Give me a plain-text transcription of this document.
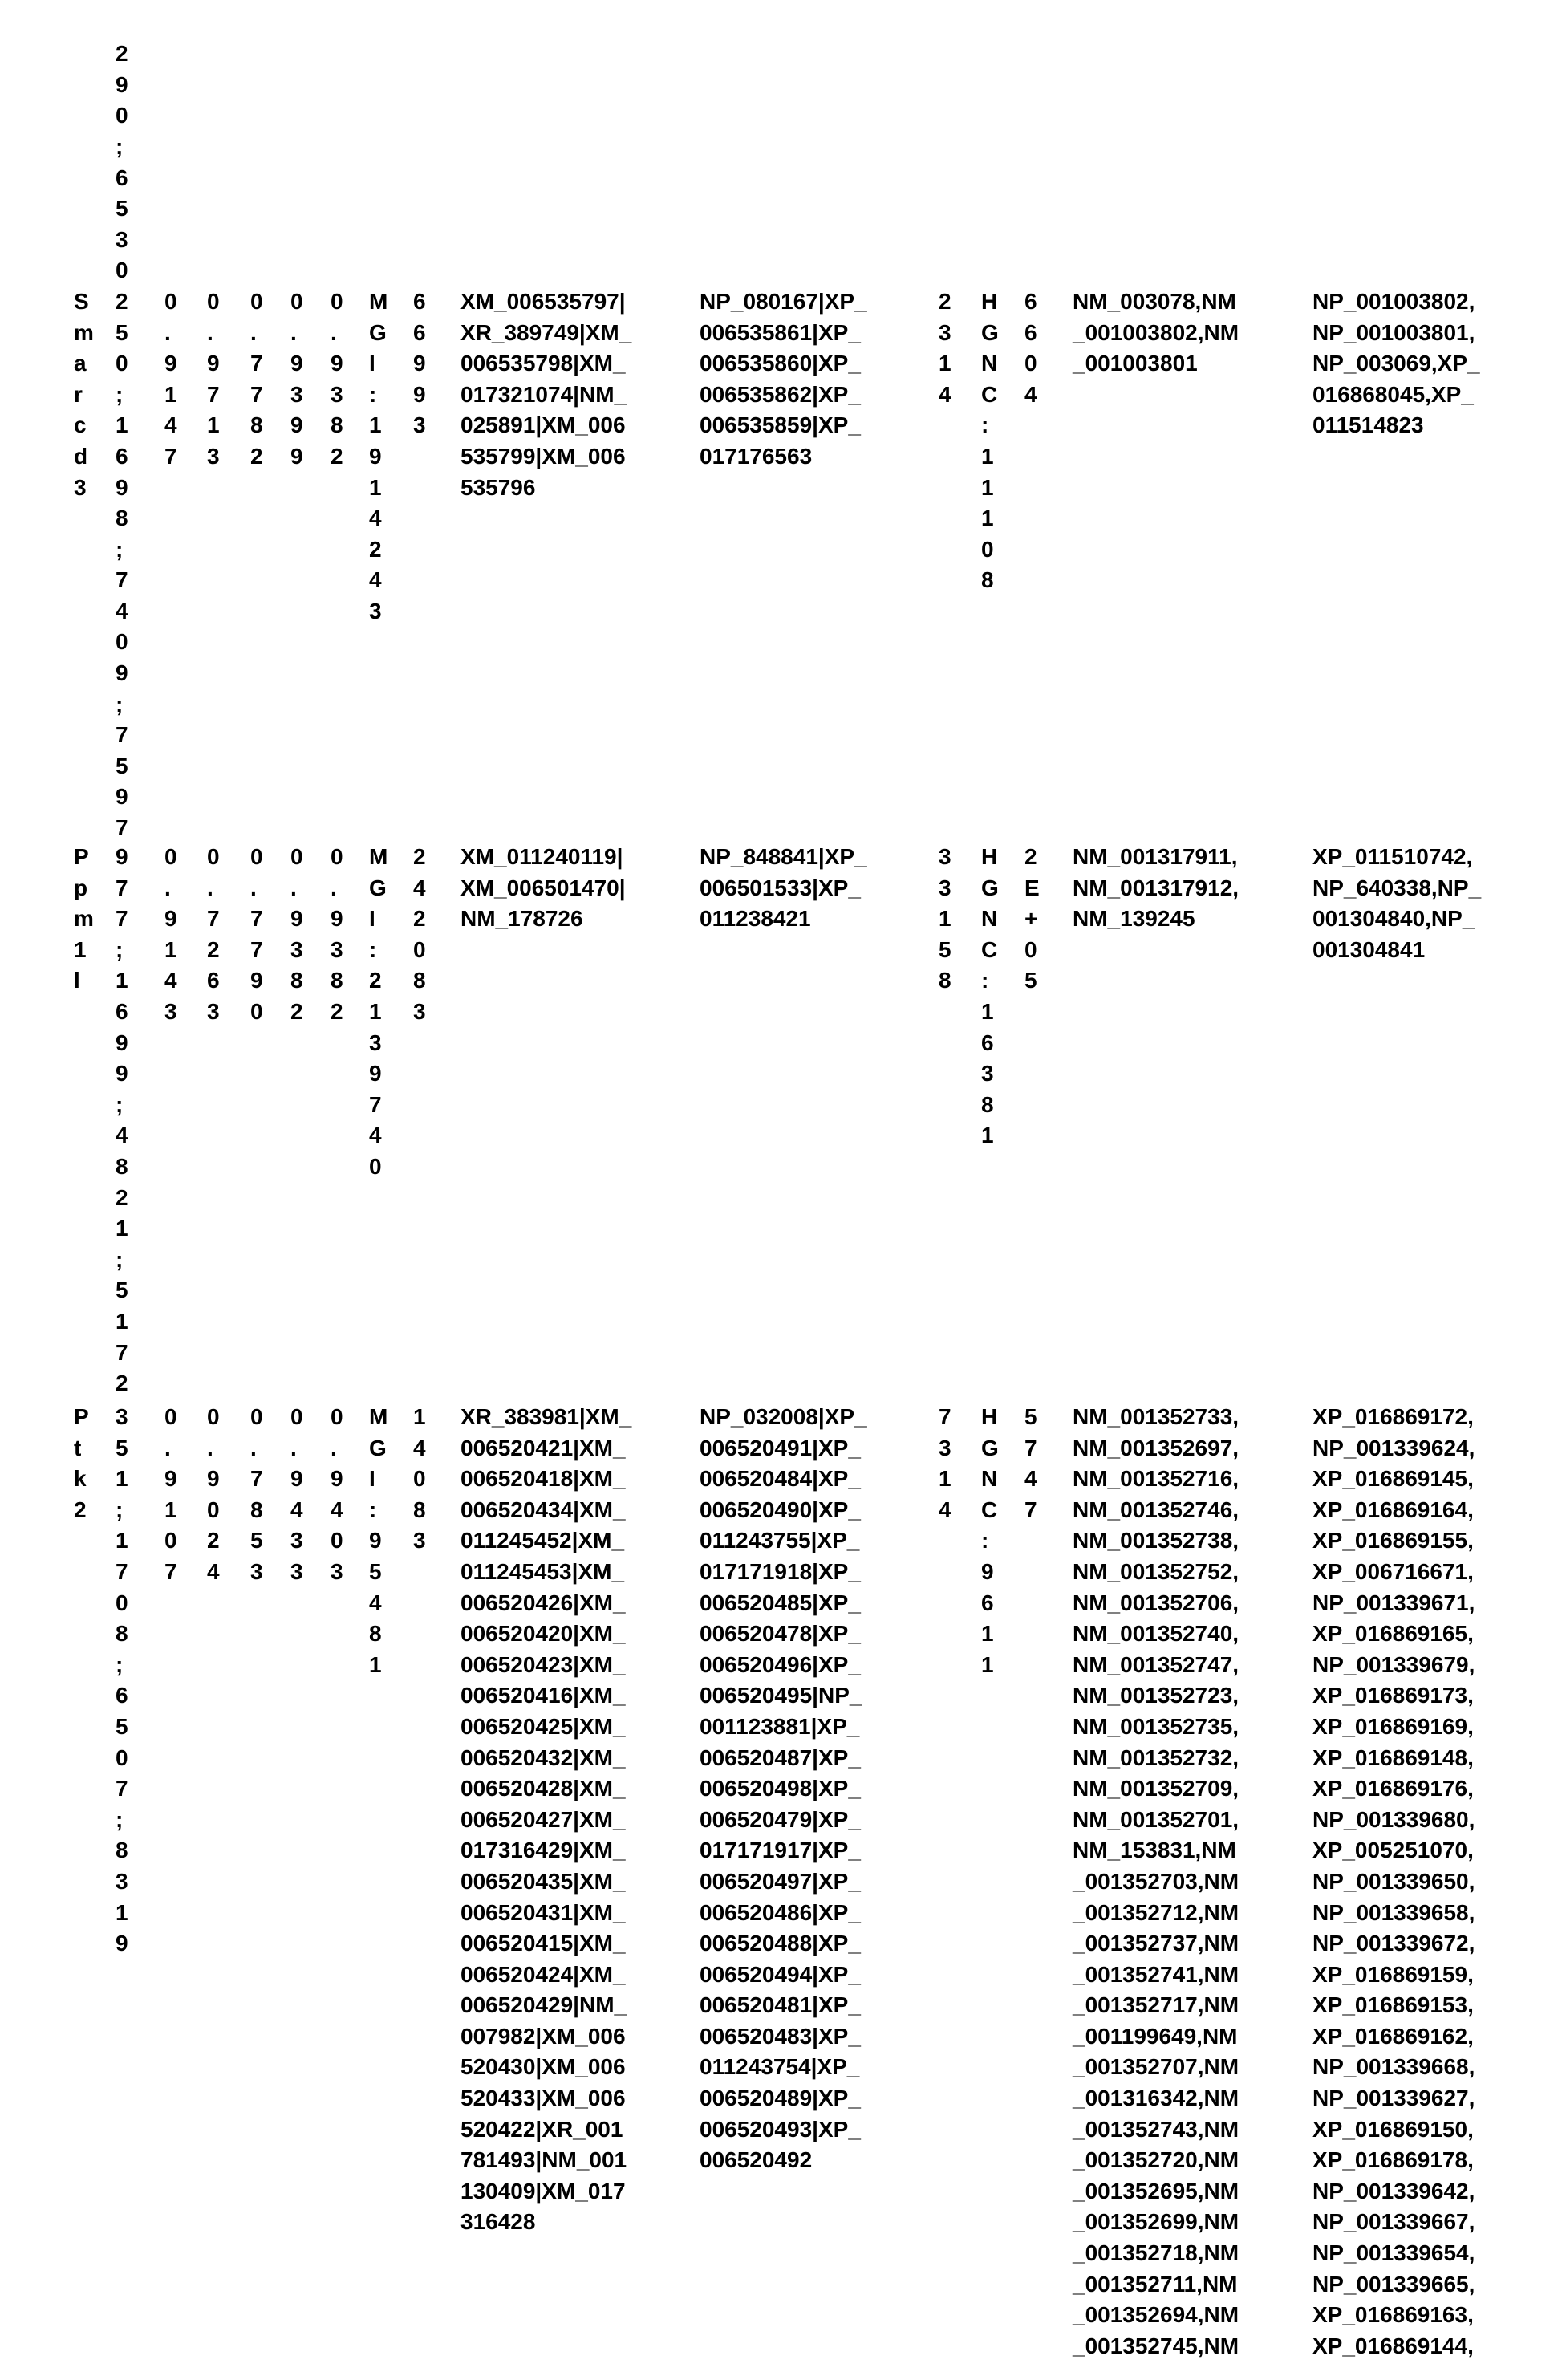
Smarcd3
290;6530250;1698;7409;7597
0.9147
0.9713
0.7782
0.9399
0.9382
MGI:1914243
66993
XM_006535797|
XR_389749|XM_
006535798|XM_
017321074|NM_
025891|XM_006
535799|XM_006
535796
NP_080167|XP_
006535861|XP_
006535860|XP_
006535862|XP_
006535859|XP_
017176563
2314
HGNC:11108
6604
NM_003078,NM
_001003802,NM
_001003801
NP_001003802,
NP_001003801,
NP_003069,XP_
016868045,XP_
011514823
Ppm1l
977;1699;4821;5172
0.9143
0.7263
0.7790
0.9382
0.9382
MGI:2139740
242083
XM_011240119|
XM_006501470|
NM_178726
NP_848841|XP_
006501533|XP_
011238421
33158
HGNC:16381
2E+05
NM_001317911,
NM_001317912,
NM_139245
XP_011510742,
NP_640338,NP_
001304840,NP_
001304841
Ptk2
351;1708;6507;8319
0.9107
0.9024
0.7853
0.9433
0.9403
MGI:95481
14083
XR_383981|XM_
006520421|XM_
006520418|XM_
006520434|XM_
011245452|XM_
011245453|XM_
006520426|XM_
006520420|XM_
006520423|XM_
006520416|XM_
006520425|XM_
006520432|XM_
006520428|XM_
006520427|XM_
017316429|XM_
006520435|XM_
006520431|XM_
006520415|XM_
006520424|XM_
006520429|NM_
007982|XM_006
520430|XM_006
520433|XM_006
520422|XR_001
781493|NM_001
130409|XM_017
316428
NP_032008|XP_
006520491|XP_
006520484|XP_
006520490|XP_
011243755|XP_
017171918|XP_
006520485|XP_
006520478|XP_
006520496|XP_
006520495|NP_
001123881|XP_
006520487|XP_
006520498|XP_
006520479|XP_
017171917|XP_
006520497|XP_
006520486|XP_
006520488|XP_
006520494|XP_
006520481|XP_
006520483|XP_
011243754|XP_
006520489|XP_
006520493|XP_
006520492
7314
HGNC:9611
5747
NM_001352733,
NM_001352697,
NM_001352716,
NM_001352746,
NM_001352738,
NM_001352752,
NM_001352706,
NM_001352740,
NM_001352747,
NM_001352723,
NM_001352735,
NM_001352732,
NM_001352709,
NM_001352701,
NM_153831,NM
_001352703,NM
_001352712,NM
_001352737,NM
_001352741,NM
_001352717,NM
_001199649,NM
_001352707,NM
_001316342,NM
_001352743,NM
_001352720,NM
_001352695,NM
_001352699,NM
_001352718,NM
_001352711,NM
_001352694,NM
_001352745,NM
XP_016869172,
NP_001339624,
XP_016869145,
XP_016869164,
XP_016869155,
XP_006716671,
NP_001339671,
XP_016869165,
NP_001339679,
XP_016869173,
XP_016869169,
XP_016869148,
XP_016869176,
NP_001339680,
XP_005251070,
NP_001339650,
NP_001339658,
NP_001339672,
XP_016869159,
XP_016869153,
XP_016869162,
NP_001339668,
NP_001339627,
XP_016869150,
XP_016869178,
NP_001339642,
NP_001339667,
NP_001339654,
NP_001339665,
XP_016869163,
XP_016869144,
